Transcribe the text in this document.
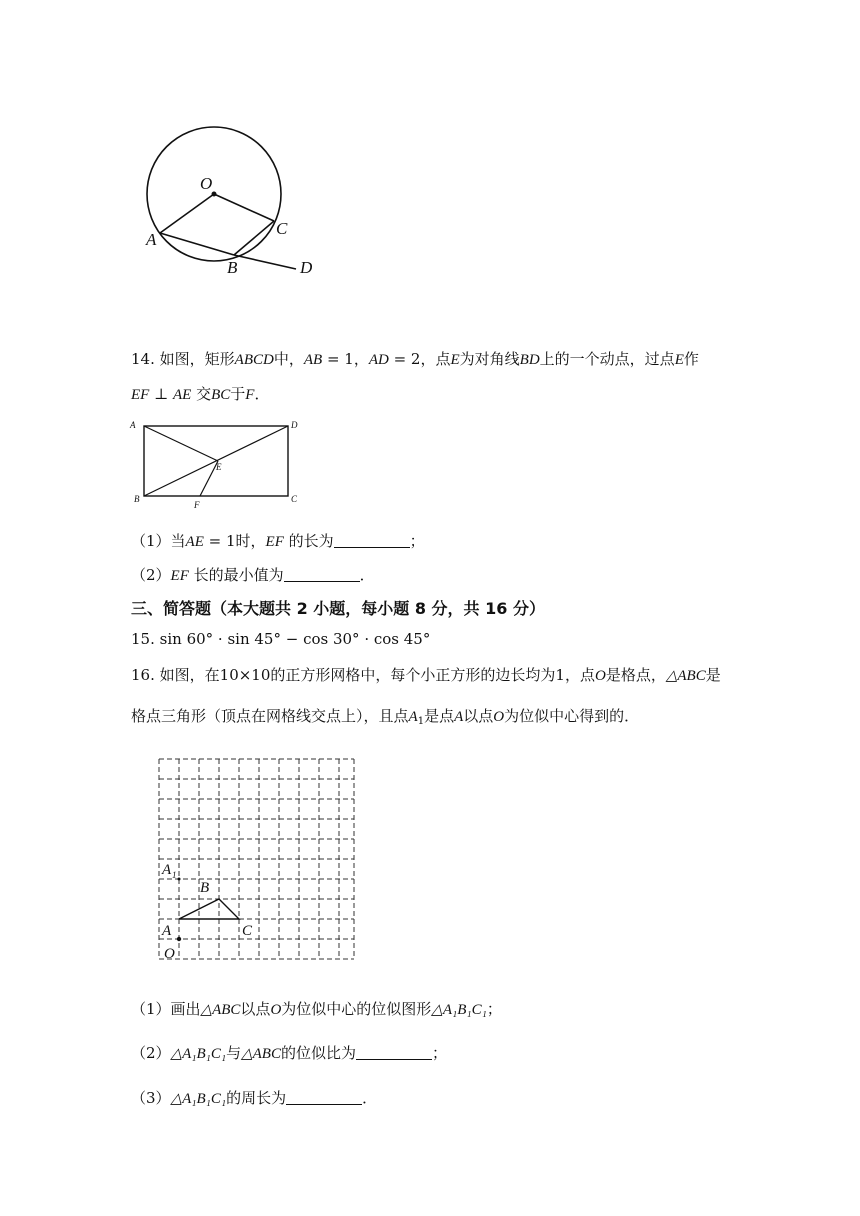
O
A
B
C
D
14. 如图，矩形ABCD中，AB = 1，AD = 2，点E为对角线BD上的一个动点，过点E作
EF ⊥ AE 交BC于F．
A	D
E
B
F
C
（1）当AE = 1时，EF 的长为	；
（2）EF 长的最小值为	．
三、简答题（本大题共 2 小题，每小题 8 分，共 16 分）
15. sin 60° · sin 45° − cos 30° · cos 45°
16. 如图，在10×10的正方形网格中，每个小正方形的边长均为1，点O是格点，△ABC是
格点三角形（顶点在网格线交点上），且点$A_1$是点A以点O为位似中心得到的．
A 1
B
A	C
O
（1）画出△ABC以点O为位似中心的位似图形△A₁B₁C₁；
（2）△A₁B₁C₁与△ABC的位似比为	；
（3）△A₁B₁C₁的周长为	．
